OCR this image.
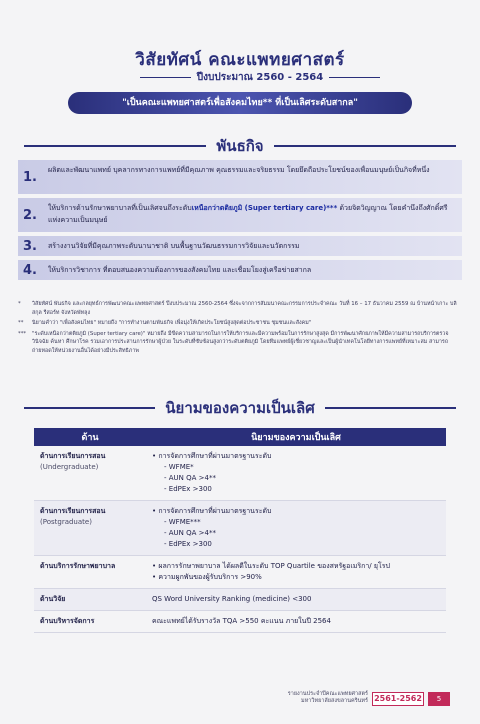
วิสัยทัศน์ คณะแพทยศาสตร์
ปีงบประมาณ 2560 - 2564
"เป็นคณะแพทยศาสตร์เพื่อสังคมไทย** ที่เป็นเลิศระดับสากล"
พันธกิจ
1.	ผลิตและพัฒนาแพทย์ บุคลากรทางการแพทย์ที่มีคุณภาพ คุณธรรมและจริยธรรม โดยยึดถือประโยชน์ของเพื่อนมนุษย์เป็นกิจที่หนึ่ง
2.	ให้บริการด้านรักษาพยาบาลที่เป็นเลิศจนถึงระดับเหนือกว่าตติยภูมิ (Super tertiary care)*** ด้วยจิตวิญญาณ โดยคำนึงถึงศักดิ์ศรีแห่งความเป็นมนุษย์
3.	สร้างงานวิจัยที่มีคุณภาพระดับนานาชาติ บนพื้นฐานวัฒนธรรมการวิจัยและนวัตกรรม
4.	ให้บริการวิชาการ ที่ตอบสนองความต้องการของสังคมไทย และเชื่อมโยงสู่เครือข่ายสากล
*	วิสัยทัศน์ พันธกิจ และกลยุทธ์การพัฒนาคณะแพทยศาสตร์ ปีงบประมาณ 2560-2564 ซึ่งจะจากการสัมมนาคณะกรรมการประจำคณะ วันที่ 16 – 17 ธันวาคม 2559 ณ บ้านหน้าเกาะ บลิสกุล รีสอร์ท จังหวัดพัทลุง
**	นิยามคำว่า "เพื่อสังคมไทย" หมายถึง "การทำงานตามพันธกิจ เพื่อมุ่งให้เกิดประโยชน์สูงสุดต่อประชาชน ชุมชนและสังคม"
***	"ระดับเหนือกว่าตติยภูมิ (Super tertiary care)" หมายถึง มีขีดความสามารถในการให้บริการและมีความพร้อมในการรักษาสูงสุด มีการพัฒนาศักยภาพให้มีความสามารถบริการตรวจวินิจฉัย ค้นหา ศึกษาโรค รวมเอาการประสานการรักษาผู้ป่วย ในระดับที่ซับซ้อนสูงกว่าระดับตติยภูมิ โดยทีมแพทย์ผู้เชี่ยวชาญและเป็นผู้นำเทคโนโลยีทางการแพทย์ที่เหมาะสม สามารถถ่ายทอดให้หน่วยงานอื่นได้อย่างมีประสิทธิภาพ
นิยามของความเป็นเลิศ
ด้าน	นิยามของความเป็นเลิศ

ด้านการเรียนการสอน
(Undergraduate)	• การจัดการศึกษาที่ผ่านมาตรฐานระดับ
- WFME*
- AUN QA >4**
- EdPEx >300

ด้านการเรียนการสอน
(Postgraduate)	• การจัดการศึกษาที่ผ่านมาตรฐานระดับ
- WFME***
- AUN QA >4**
- EdPEx >300

ด้านบริการรักษาพยาบาล	• ผลการรักษาพยาบาล ได้ผลดีในระดับ TOP Quartile ของสหรัฐอเมริกา/ ยุโรป
• ความผูกพันของผู้รับบริการ >90%

ด้านวิจัย	QS Word University Ranking (medicine) <300

ด้านบริหารจัดการ	คณะแพทย์ได้รับรางวัล TQA >550 คะแนน ภายในปี 2564
รายงานประจำปีคณะแพทยศาสตร์
มหาวิทยาลัยสงขลานครินทร์ 2561-2562	5
